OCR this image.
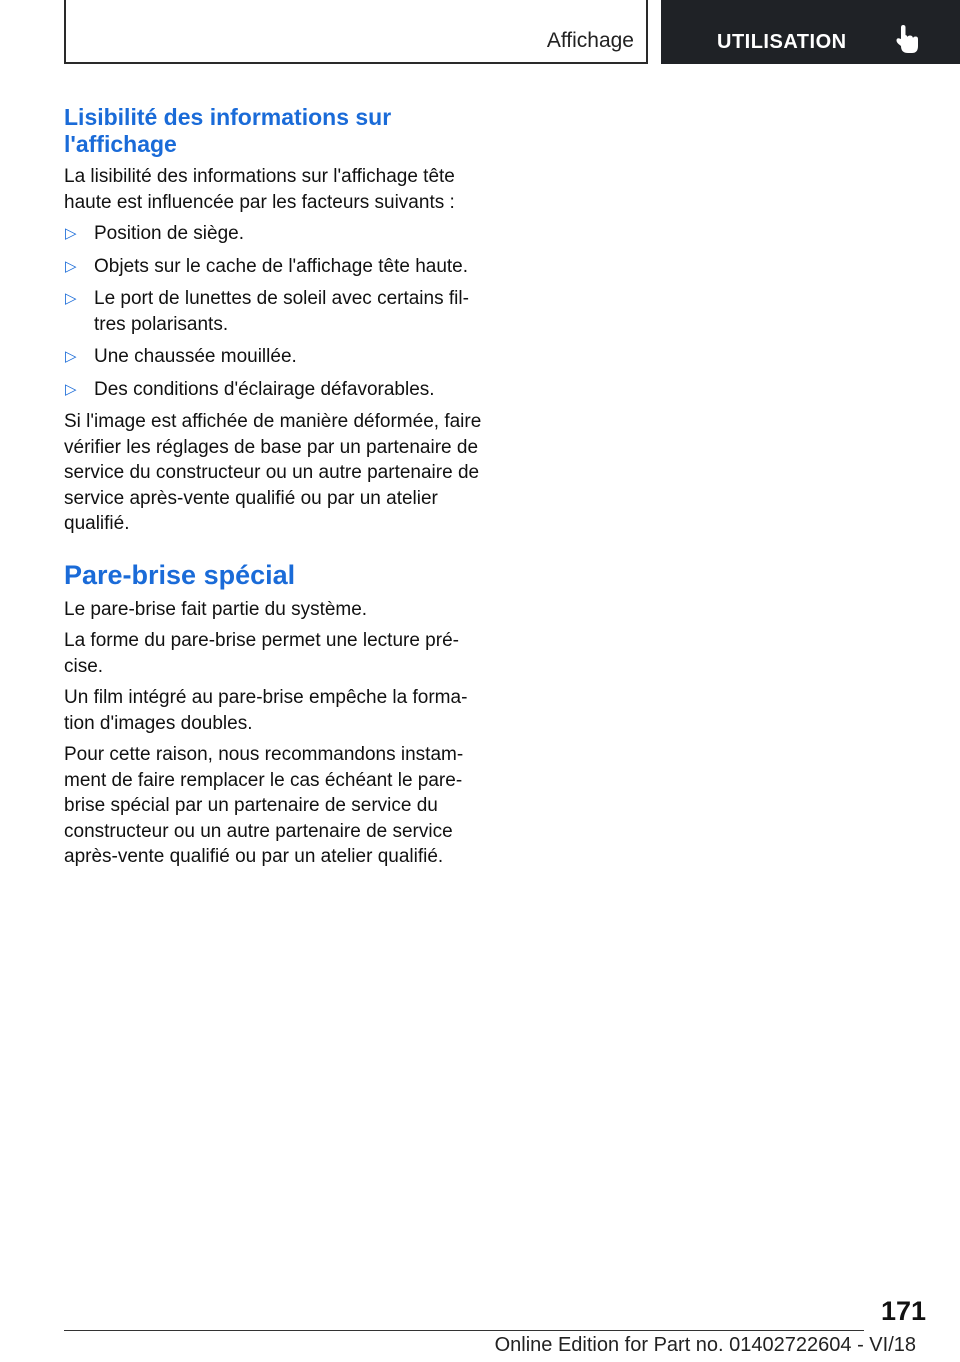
Affichage	UTILISATION
Lisibilité des informations sur
l'affichage

La lisibilité des informations sur l'affichage tête haute est influencée par les facteurs suivants :

▷ Position de siège.
▷ Objets sur le cache de l'affichage tête haute.
▷ Le port de lunettes de soleil avec certains filtres polarisants.
▷ Une chaussée mouillée.
▷ Des conditions d'éclairage défavorables.

Si l'image est affichée de manière déformée, faire vérifier les réglages de base par un partenaire de service du constructeur ou un autre partenaire de service après-vente qualifié ou par un atelier qualifié.

Pare-brise spécial

Le pare-brise fait partie du système.

La forme du pare-brise permet une lecture précise.

Un film intégré au pare-brise empêche la formation d'images doubles.

Pour cette raison, nous recommandons instamment de faire remplacer le cas échéant le pare-brise spécial par un partenaire de service du constructeur ou un autre partenaire de service après-vente qualifié ou par un atelier qualifié.

171
Online Edition for Part no. 01402722604 - VI/18
